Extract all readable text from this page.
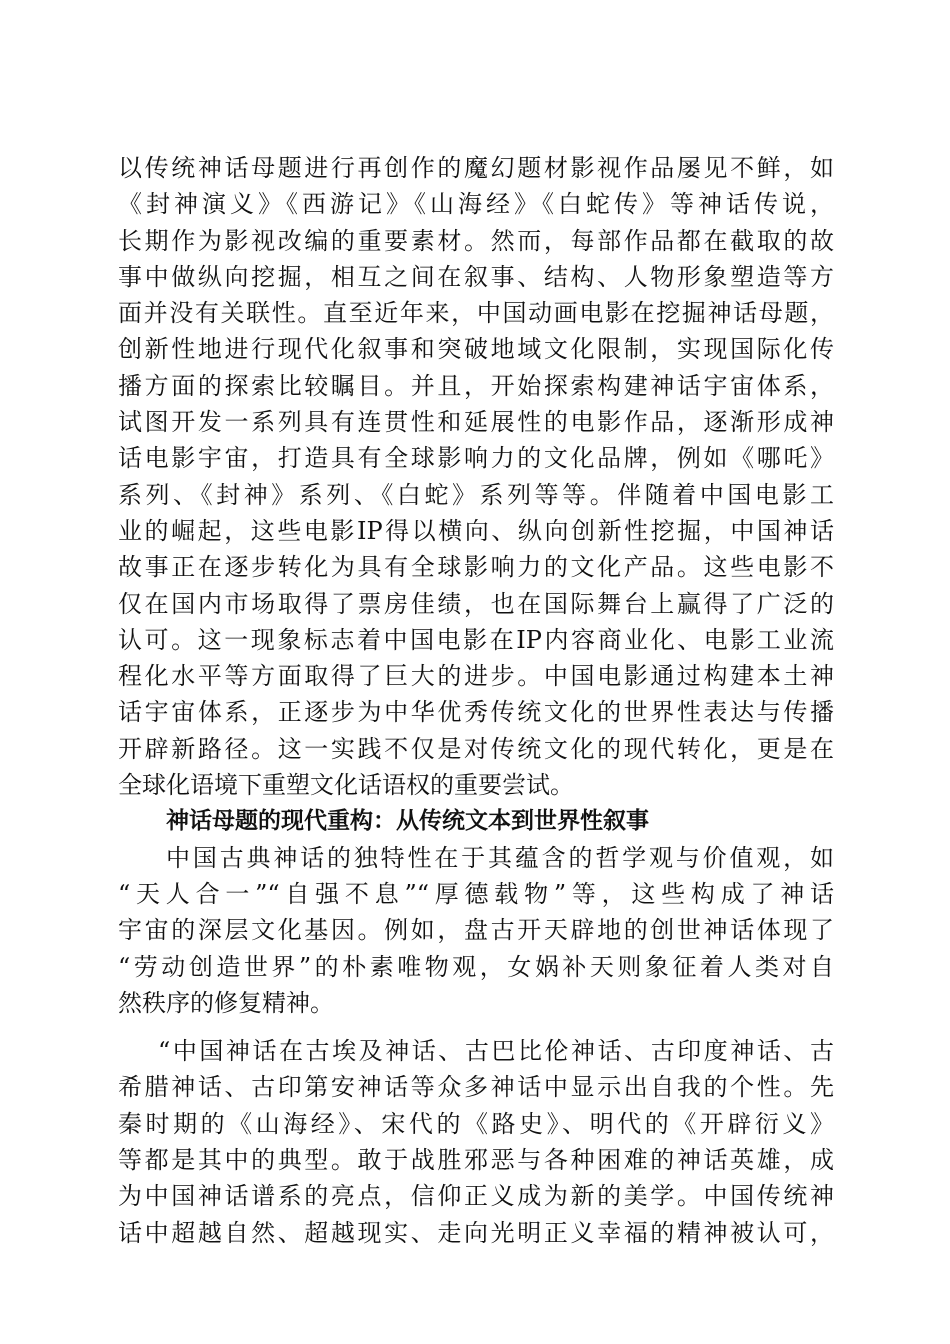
以传统神话母题进行再创作的魔幻题材影视作品屡见不鲜，如
《封神演义》《西游记》《山海经》《白蛇传》等神话传说，
长期作为影视改编的重要素材。然而，每部作品都在截取的故
事中做纵向挖掘，相互之间在叙事、结构、人物形象塑造等方
面并没有关联性。直至近年来，中国动画电影在挖掘神话母题，
创新性地进行现代化叙事和突破地域文化限制，实现国际化传
播方面的探索比较瞩目。并且，开始探索构建神话宇宙体系，
试图开发一系列具有连贯性和延展性的电影作品，逐渐形成神
话电影宇宙，打造具有全球影响力的文化品牌，例如《哪吒》
系列、《封神》系列、《白蛇》系列等等。伴随着中国电影工
业的崛起，这些电影IP得以横向、纵向创新性挖掘，中国神话
故事正在逐步转化为具有全球影响力的文化产品。这些电影不
仅在国内市场取得了票房佳绩，也在国际舞台上赢得了广泛的
认可。这一现象标志着中国电影在IP内容商业化、电影工业流
程化水平等方面取得了巨大的进步。中国电影通过构建本土神
话宇宙体系，正逐步为中华优秀传统文化的世界性表达与传播
开辟新路径。这一实践不仅是对传统文化的现代转化，更是在
全球化语境下重塑文化话语权的重要尝试。
神话母题的现代重构：从传统文本到世界性叙事
中国古典神话的独特性在于其蕴含的哲学观与价值观，如
“天人合一”“自强不息”“厚德载物”等，这些构成了神话
宇宙的深层文化基因。例如，盘古开天辟地的创世神话体现了
“劳动创造世界”的朴素唯物观，女娲补天则象征着人类对自
然秩序的修复精神。
“中国神话在古埃及神话、古巴比伦神话、古印度神话、古
希腊神话、古印第安神话等众多神话中显示出自我的个性。先
秦时期的《山海经》、宋代的《路史》、明代的《开辟衍义》
等都是其中的典型。敢于战胜邪恶与各种困难的神话英雄，成
为中国神话谱系的亮点，信仰正义成为新的美学。中国传统神
话中超越自然、超越现实、走向光明正义幸福的精神被认可，
